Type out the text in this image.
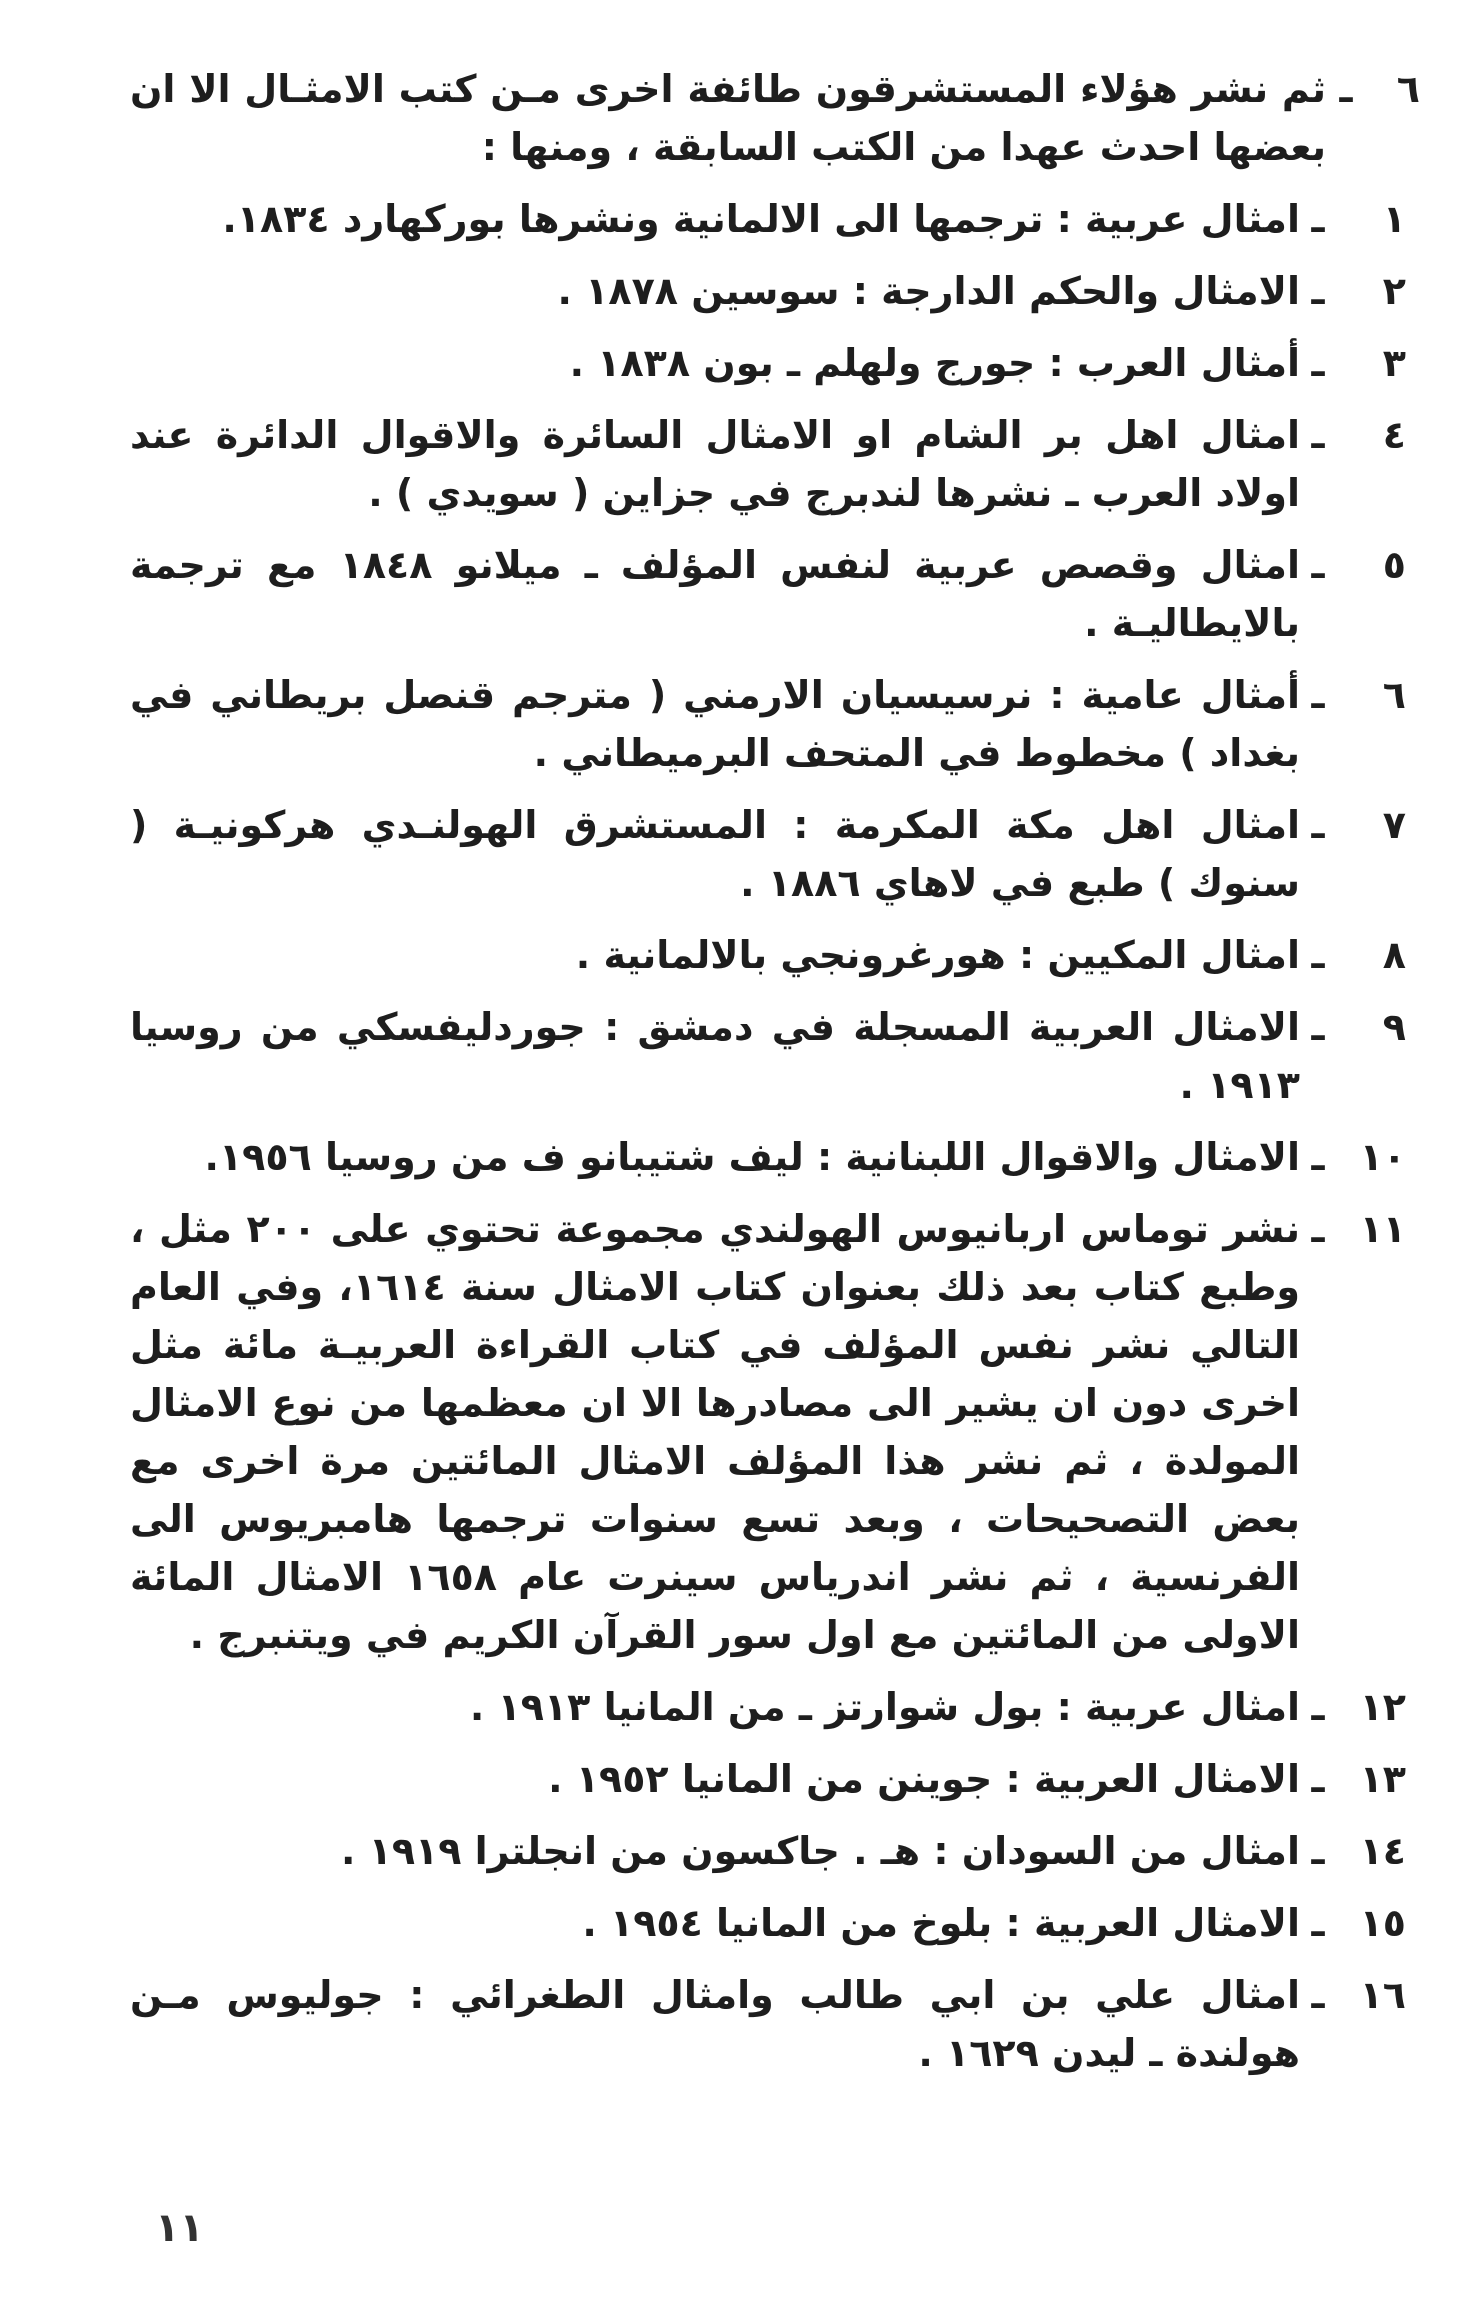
٦
ـ
ثم نشر هؤلاء المستشرقون طائفة اخرى مـن كتب الامثـال الا ان بعضها احدث عهدا من الكتب السابقة ، ومنها :
١
ـ
امثال عربية : ترجمها الى الالمانية ونشرها بوركهارد ١٨٣٤.
٢
ـ
الامثال والحكم الدارجة : سوسين ١٨٧٨ .
٣
ـ
أمثال العرب : جورج ولهلم ـ بون ١٨٣٨ .
٤
ـ
امثال اهل بر الشام او الامثال السائرة والاقوال الدائرة عند اولاد العرب ـ نشرها لندبرج في جزاين ( سويدي ) .
٥
ـ
امثال وقصص عربية لنفس المؤلف ـ ميلانو ١٨٤٨ مع ترجمة بالايطاليـة .
٦
ـ
أمثال عامية : نرسيسيان الارمني ( مترجم قنصل بريطاني في بغداد ) مخطوط في المتحف البرميطاني .
٧
ـ
امثال اهل مكة المكرمة : المستشرق الهولنـدي هركونيـة ( سنوك ) طبع في لاهاي ١٨٨٦ .
٨
ـ
امثال المكيين : هورغرونجي بالالمانية .
٩
ـ
الامثال العربية المسجلة في دمشق : جوردليفسكي من روسيا ١٩١٣ .
١٠
ـ
الامثال والاقوال اللبنانية : ليف شتيبانو ف من روسيا ١٩٥٦.
١١
ـ
نشر توماس اربانيوس الهولندي مجموعة تحتوي على ٢٠٠ مثل ، وطبع كتاب بعد ذلك بعنوان كتاب الامثال سنة ١٦١٤، وفي العام التالي نشر نفس المؤلف في كتاب القراءة العربيـة مائة مثل اخرى دون ان يشير الى مصادرها الا ان معظمها من نوع الامثال المولدة ، ثم نشر هذا المؤلف الامثال المائتين مرة اخرى مع بعض التصحيحات ، وبعد تسع سنوات ترجمها هامبريوس الى الفرنسية ، ثم نشر اندرياس سينرت عام ١٦٥٨ الامثال المائة الاولى من المائتين مع اول سور القرآن الكريم في ويتنبرج .
١٢
ـ
امثال عربية : بول شوارتز ـ من المانيا ١٩١٣ .
١٣
ـ
الامثال العربية : جوينن من المانيا ١٩٥٢ .
١٤
ـ
امثال من السودان : هـ . جاكسون من انجلترا ١٩١٩ .
١٥
ـ
الامثال العربية : بلوخ من المانيا ١٩٥٤ .
١٦
ـ
امثال علي بن ابي طالب وامثال الطغرائي : جوليوس مـن هولندة ـ ليدن ١٦٢٩ .
١١
